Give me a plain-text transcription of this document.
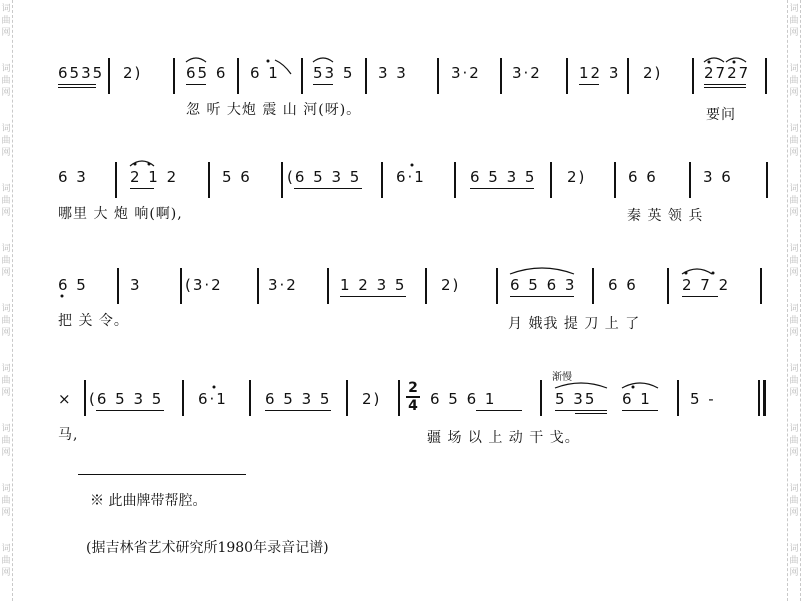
词
曲
网
词
曲
网
词
曲
网
词
曲
网
词
曲
网
词
曲
网
词
曲
网
词
曲
网
词
曲
网
词
曲
网
词
曲
网
词
曲
网
词
曲
网
词
曲
网
词
曲
网
词
曲
网
词
曲
网
词
曲
网
词
曲
网
词
曲
网
6535 2)	65 6 6 1 53 5 3 3	3·2 3·2 12 3 2)	2727
忽 听 大炮 震 山 河(呀)。	要问
6 3	2 1 2	5 6 (6 5 3 5 6·1	6 5 3 5 2)	6 6	3 6
哪里 大 炮 响(啊),	秦 英 领 兵
6 5	3	(3·2	3·2	1 2 3 5 2)	6 5 6 3 6 6	2 7 2
把 关 令。	月 娥我 提 刀 上 了
× (6 5 3 5 6·1 6 5 3 5 2)
2
4 6 5 6 1
渐慢
5 35 6 1	5 -
马,	疆 场 以 上 动 干 戈。
※ 此曲牌带帮腔。
(据吉林省艺术研究所1980年录音记谱)
